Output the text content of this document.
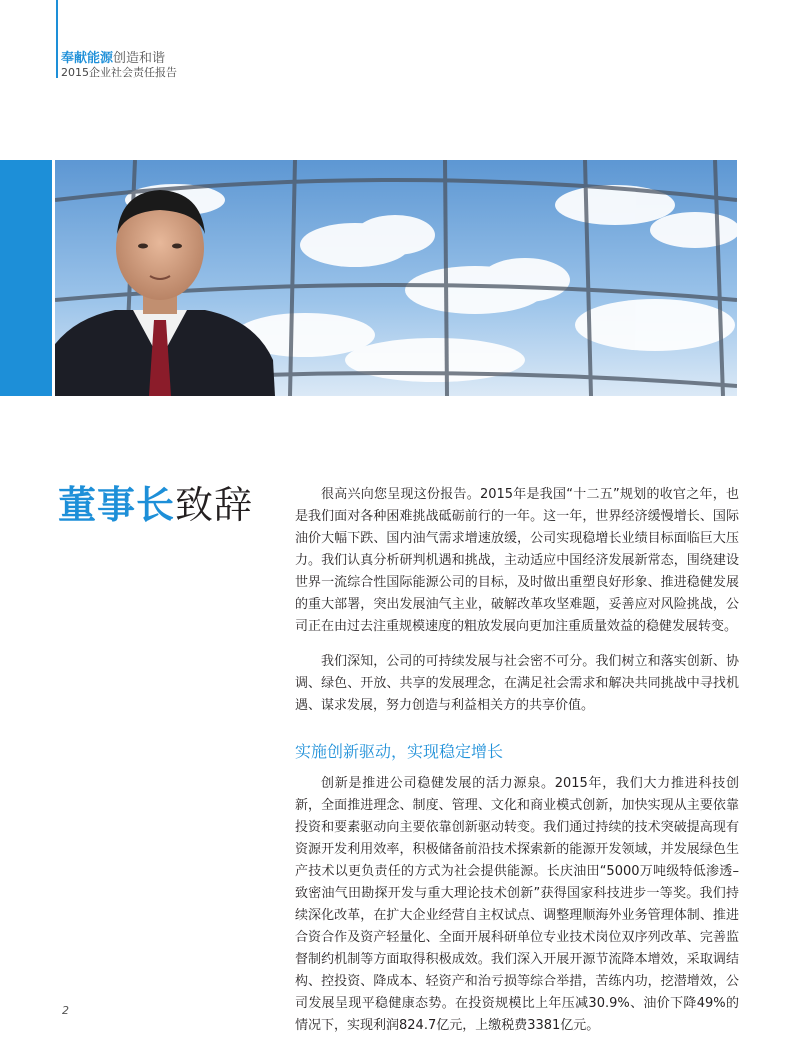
奉献能源创造和谐
2015企业社会责任报告
董事长致辞	很高兴向您呈现这份报告。2015年是我国“十二五”规划的收官之年，也是我们面对各种困难挑战砥砺前行的一年。这一年，世界经济缓慢增长、国际油价大幅下跌、国内油气需求增速放缓，公司实现稳增长业绩目标面临巨大压力。我们认真分析研判机遇和挑战，主动适应中国经济发展新常态，围绕建设世界一流综合性国际能源公司的目标，及时做出重塑良好形象、推进稳健发展的重大部署，突出发展油气主业，破解改革攻坚难题，妥善应对风险挑战，公司正在由过去注重规模速度的粗放发展向更加注重质量效益的稳健发展转变。

我们深知，公司的可持续发展与社会密不可分。我们树立和落实创新、协调、绿色、开放、共享的发展理念，在满足社会需求和解决共同挑战中寻找机遇、谋求发展，努力创造与利益相关方的共享价值。

实施创新驱动，实现稳定增长

创新是推进公司稳健发展的活力源泉。2015年，我们大力推进科技创新，全面推进理念、制度、管理、文化和商业模式创新，加快实现从主要依靠投资和要素驱动向主要依靠创新驱动转变。我们通过持续的技术突破提高现有资源开发利用效率，积极储备前沿技术探索新的能源开发领域，并发展绿色生产技术以更负责任的方式为社会提供能源。长庆油田“5000万吨级特低渗透–致密油气田勘探开发与重大理论技术创新”获得国家科技进步一等奖。我们持续深化改革，在扩大企业经营自主权试点、调整理顺海外业务管理体制、推进合资合作及资产轻量化、全面开展科研单位专业技术岗位双序列改革、完善监督制约机制等方面取得积极成效。我们深入开展开源节流降本增效，采取调结构、控投资、降成本、轻资产和治亏损等综合举措，苦练内功，挖潜增效，公司发展呈现平稳健康态势。在投资规模比上年压减30.9%、油价下降49%的情况下，实现利润824.7亿元，上缴税费3381亿元。

2
